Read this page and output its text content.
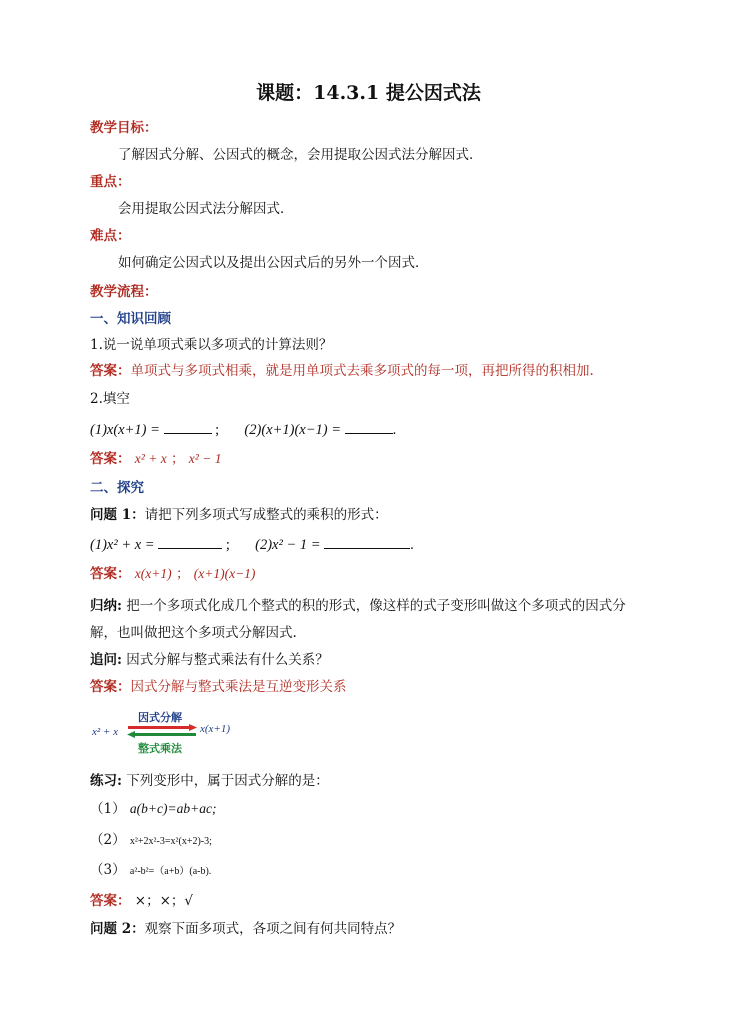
课题：14.3.1 提公因式法
教学目标：
了解因式分解、公因式的概念，会用提取公因式法分解因式．
重点：
会用提取公因式法分解因式．
难点：
如何确定公因式以及提出公因式后的另外一个因式．
教学流程：
一、知识回顾
1.说一说单项式乘以多项式的计算法则？
答案：单项式与多项式相乘，就是用单项式去乘多项式的每一项，再把所得的积相加.
2.填空
(1)x(x+1) =	; (2)(x+1)(x−1) =	.
答案： x² + x ； x² − 1
二、探究
问题 1：请把下列多项式写成整式的乘积的形式：
(1)x² + x =	; (2)x² − 1 =	.
答案： x(x+1) ； (x+1)(x−1)
归纳: 把一个多项式化成几个整式的积的形式，像这样的式子变形叫做这个多项式的因式分
解，也叫做把这个多项式分解因式.
追问: 因式分解与整式乘法有什么关系？
答案：因式分解与整式乘法是互逆变形关系
因式分解
x² + x	x(x+1)
整式乘法
练习: 下列变形中，属于因式分解的是：
（1） a(b+c)=ab+ac;
（2） x²+2x²-3=x²(x+2)-3;
（3） a²-b²=（a+b）(a-b).
答案： ×；×；√
问题 2：观察下面多项式，各项之间有何共同特点？
